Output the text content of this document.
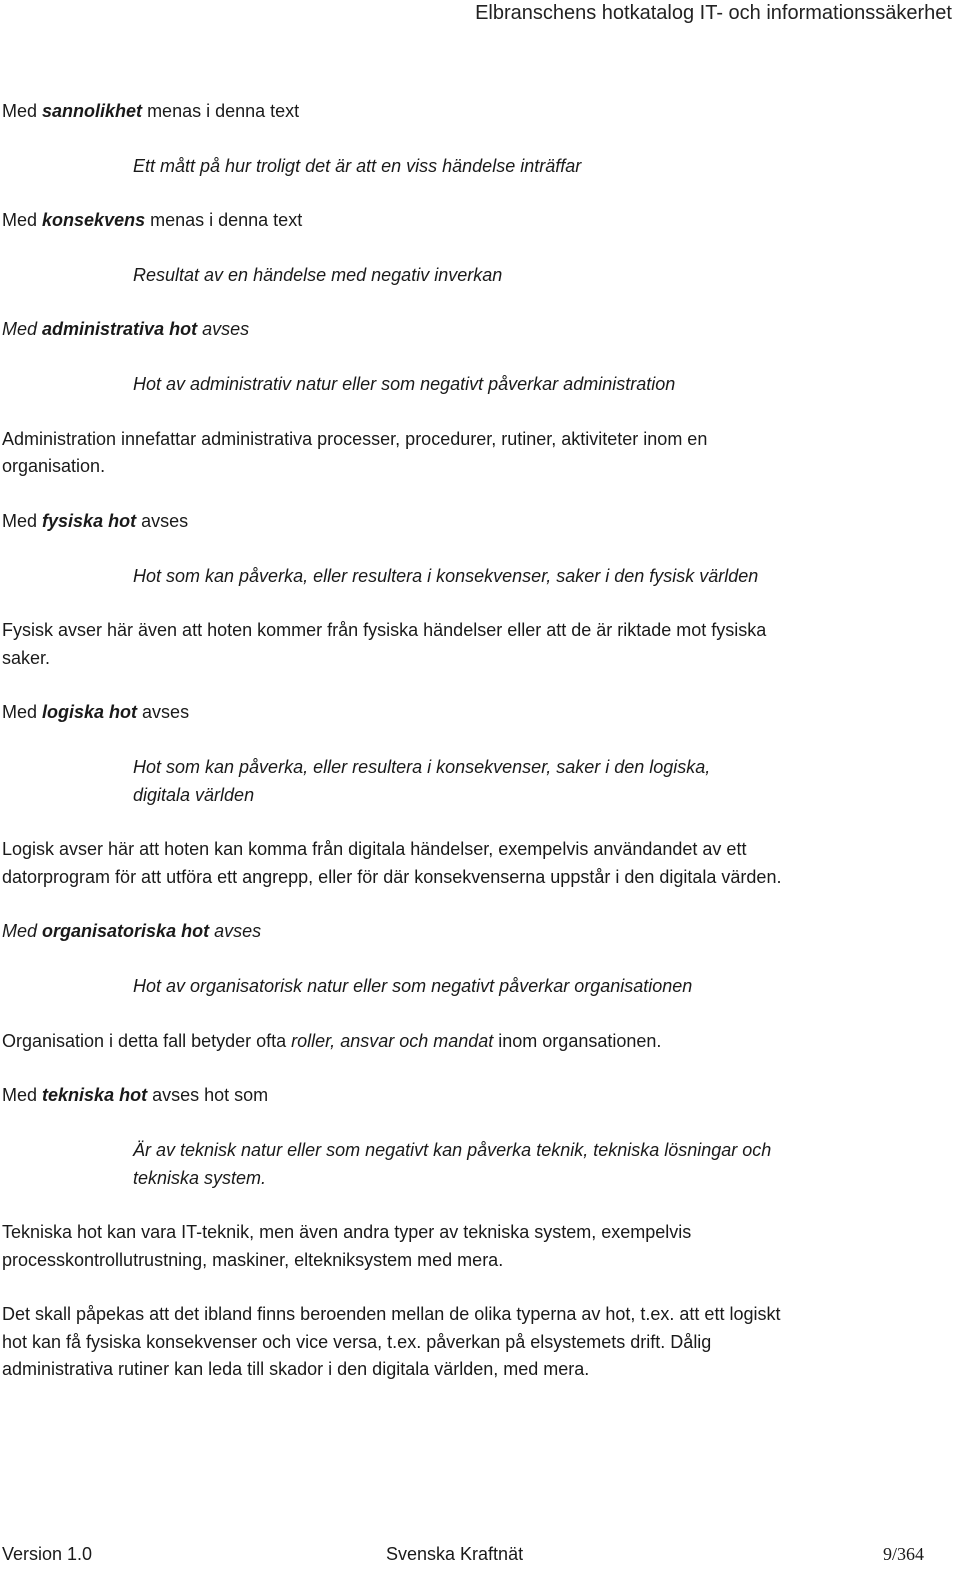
Elbranschens hotkatalog IT- och informationssäkerhet
Med sannolikhet menas i denna text
Ett mått på hur troligt det är att en viss händelse inträffar
Med konsekvens menas i denna text
Resultat av en händelse med negativ inverkan
Med administrativa hot avses
Hot av administrativ natur eller som negativt påverkar administration
Administration innefattar administrativa processer, procedurer, rutiner, aktiviteter inom en
organisation.
Med fysiska hot avses
Hot som kan påverka, eller resultera i konsekvenser, saker i den fysisk världen
Fysisk avser här även att hoten kommer från fysiska händelser eller att de är riktade mot fysiska
saker.
Med logiska hot avses
Hot som kan påverka, eller resultera i konsekvenser, saker i den logiska,
digitala världen
Logisk avser här att hoten kan komma från digitala händelser, exempelvis användandet av ett
datorprogram för att utföra ett angrepp, eller för där konsekvenserna uppstår i den digitala värden.
Med organisatoriska hot avses
Hot av organisatorisk natur eller som negativt påverkar organisationen
Organisation i detta fall betyder ofta roller, ansvar och mandat inom organsationen.
Med tekniska hot avses hot som
Är av teknisk natur eller som negativt kan påverka teknik, tekniska lösningar och
tekniska system.
Tekniska hot kan vara IT-teknik, men även andra typer av tekniska system, exempelvis
processkontrollutrustning, maskiner, eltekniksystem med mera.
Det skall påpekas att det ibland finns beroenden mellan de olika typerna av hot, t.ex. att ett logiskt
hot kan få fysiska konsekvenser och vice versa, t.ex. påverkan på elsystemets drift. Dålig
administrativa rutiner kan leda till skador i den digitala världen, med mera.
Version 1.0	Svenska Kraftnät	9/364
